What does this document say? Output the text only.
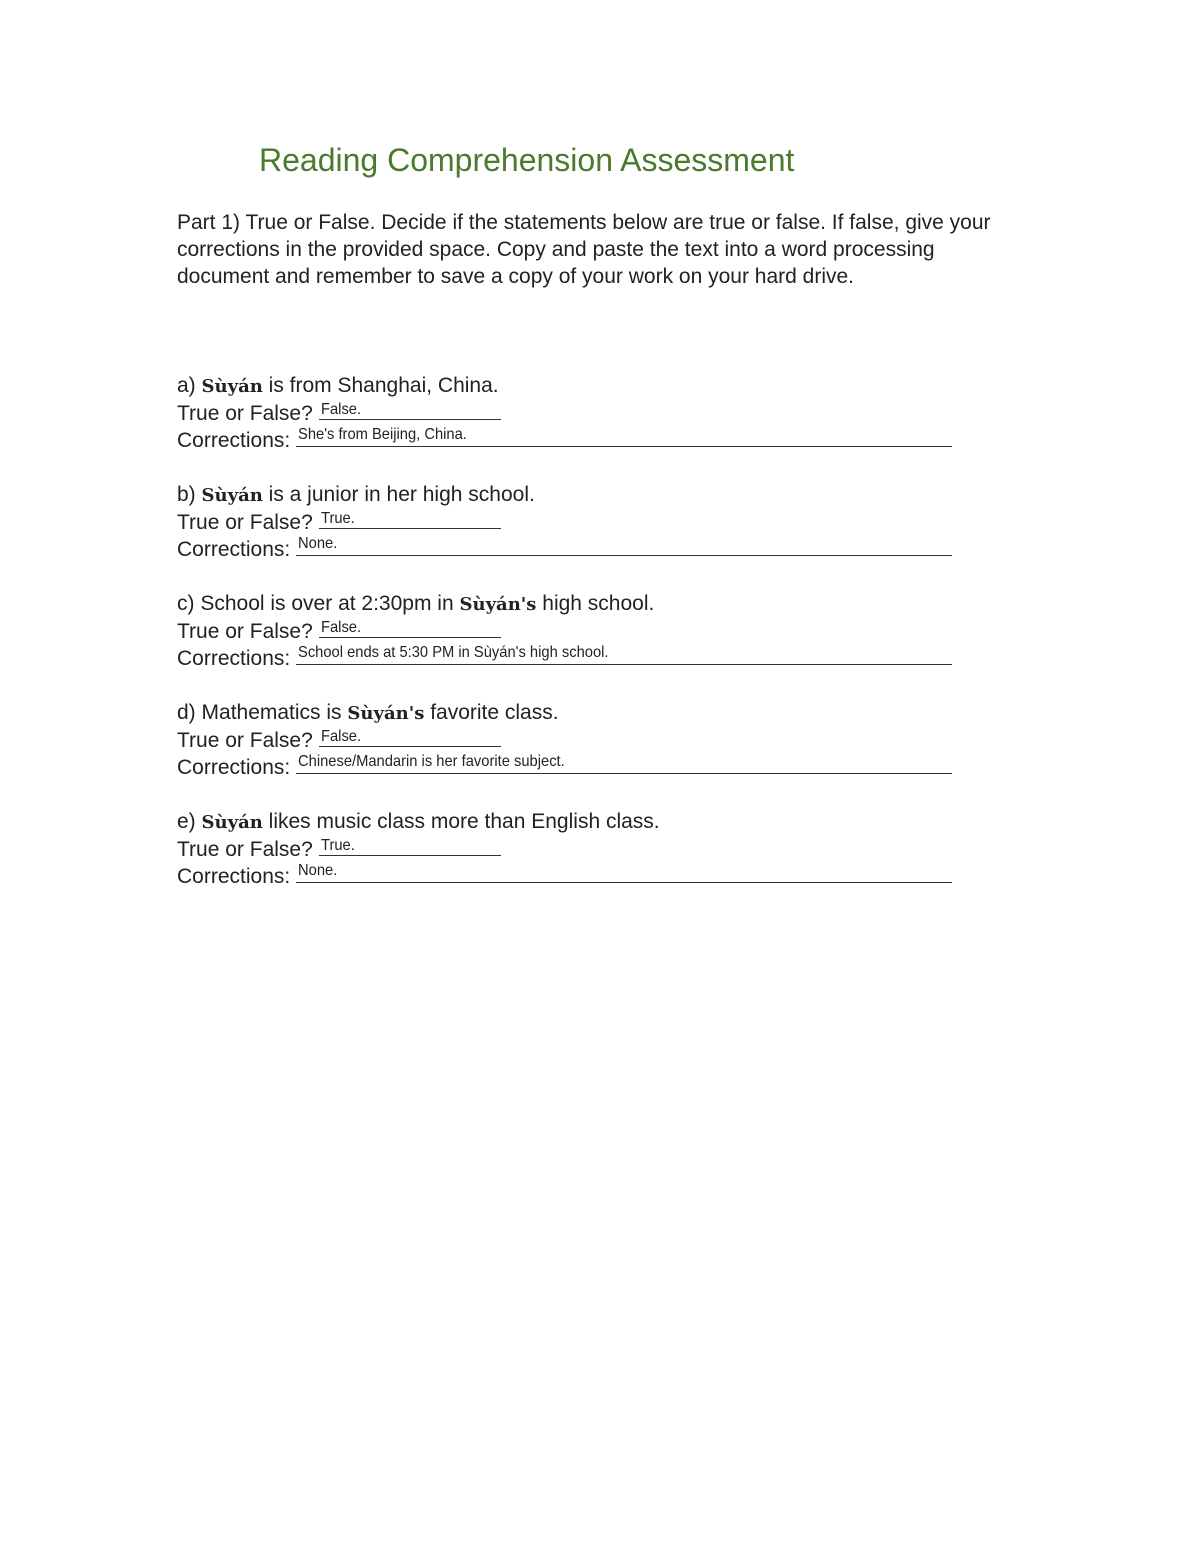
Reading Comprehension Assessment

Part 1) True or False. Decide if the statements below are true or false. If false, give your corrections in the provided space. Copy and paste the text into a word processing document and remember to save a copy of your work on your hard drive.

a) Sùyán is from Shanghai, China.
True or False? False.
Corrections: She's from Beijing, China.
b) Sùyán is a junior in her high school.
True or False? True.
Corrections: None.
c) School is over at 2:30pm in Sùyán's high school.
True or False? False.
Corrections: School ends at 5:30 PM in Sùyán's high school.
d) Mathematics is Sùyán's favorite class.
True or False? False.
Corrections: Chinese/Mandarin is her favorite subject.
e) Sùyán likes music class more than English class.
True or False? True.
Corrections: None.
